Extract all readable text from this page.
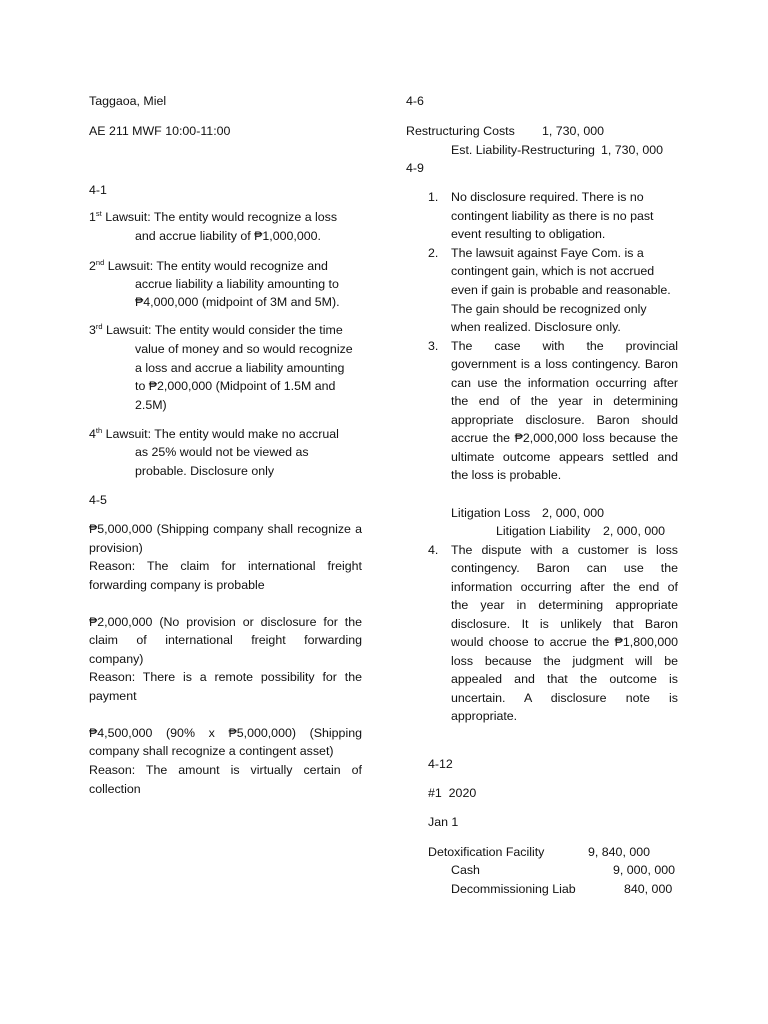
Taggaoa, Miel
AE 211 MWF 10:00-11:00
4-1
1st Lawsuit: The entity would recognize a loss
and accrue liability of ₱1,000,000.
2nd Lawsuit: The entity would recognize and
accrue liability a liability amounting to
₱4,000,000 (midpoint of 3M and 5M).
3rd Lawsuit: The entity would consider the time
value of money and so would recognize
a loss and accrue a liability amounting
to ₱2,000,000 (Midpoint of 1.5M and
2.5M)
4th Lawsuit: The entity would make no accrual
as 25% would not be viewed as
probable. Disclosure only
4-5
₱5,000,000 (Shipping company shall recognize a
provision)
Reason: The claim for international freight
forwarding company is probable
₱2,000,000 (No provision or disclosure for the
claim of international freight forwarding
company)
Reason: There is a remote possibility for the
payment
₱4,500,000 (90% x ₱5,000,000) (Shipping
company shall recognize a contingent asset)
Reason: The amount is virtually certain of
collection
4-6
Restructuring Costs 1, 730, 000
Est. Liability-Restructuring 1, 730, 000
4-9
1. No disclosure required. There is no
contingent liability as there is no past
event resulting to obligation.
2. The lawsuit against Faye Com. is a
contingent gain, which is not accrued
even if gain is probable and reasonable.
The gain should be recognized only
when realized. Disclosure only.
3. The case with the provincial
government is a loss contingency. Baron
can use the information occurring after
the end of the year in determining
appropriate disclosure. Baron should
accrue the ₱2,000,000 loss because the
ultimate outcome appears settled and
the loss is probable.
Litigation Loss 2, 000, 000
Litigation Liability 2, 000, 000
4. The dispute with a customer is loss
contingency. Baron can use the
information occurring after the end of
the year in determining appropriate
disclosure. It is unlikely that Baron
would choose to accrue the ₱1,800,000
loss because the judgment will be
appealed and that the outcome is
uncertain. A disclosure note is
appropriate.
4-12
#1  2020
Jan 1
Detoxification Facility	9, 840, 000
Cash	9, 000, 000
Decommissioning Liab	840, 000
